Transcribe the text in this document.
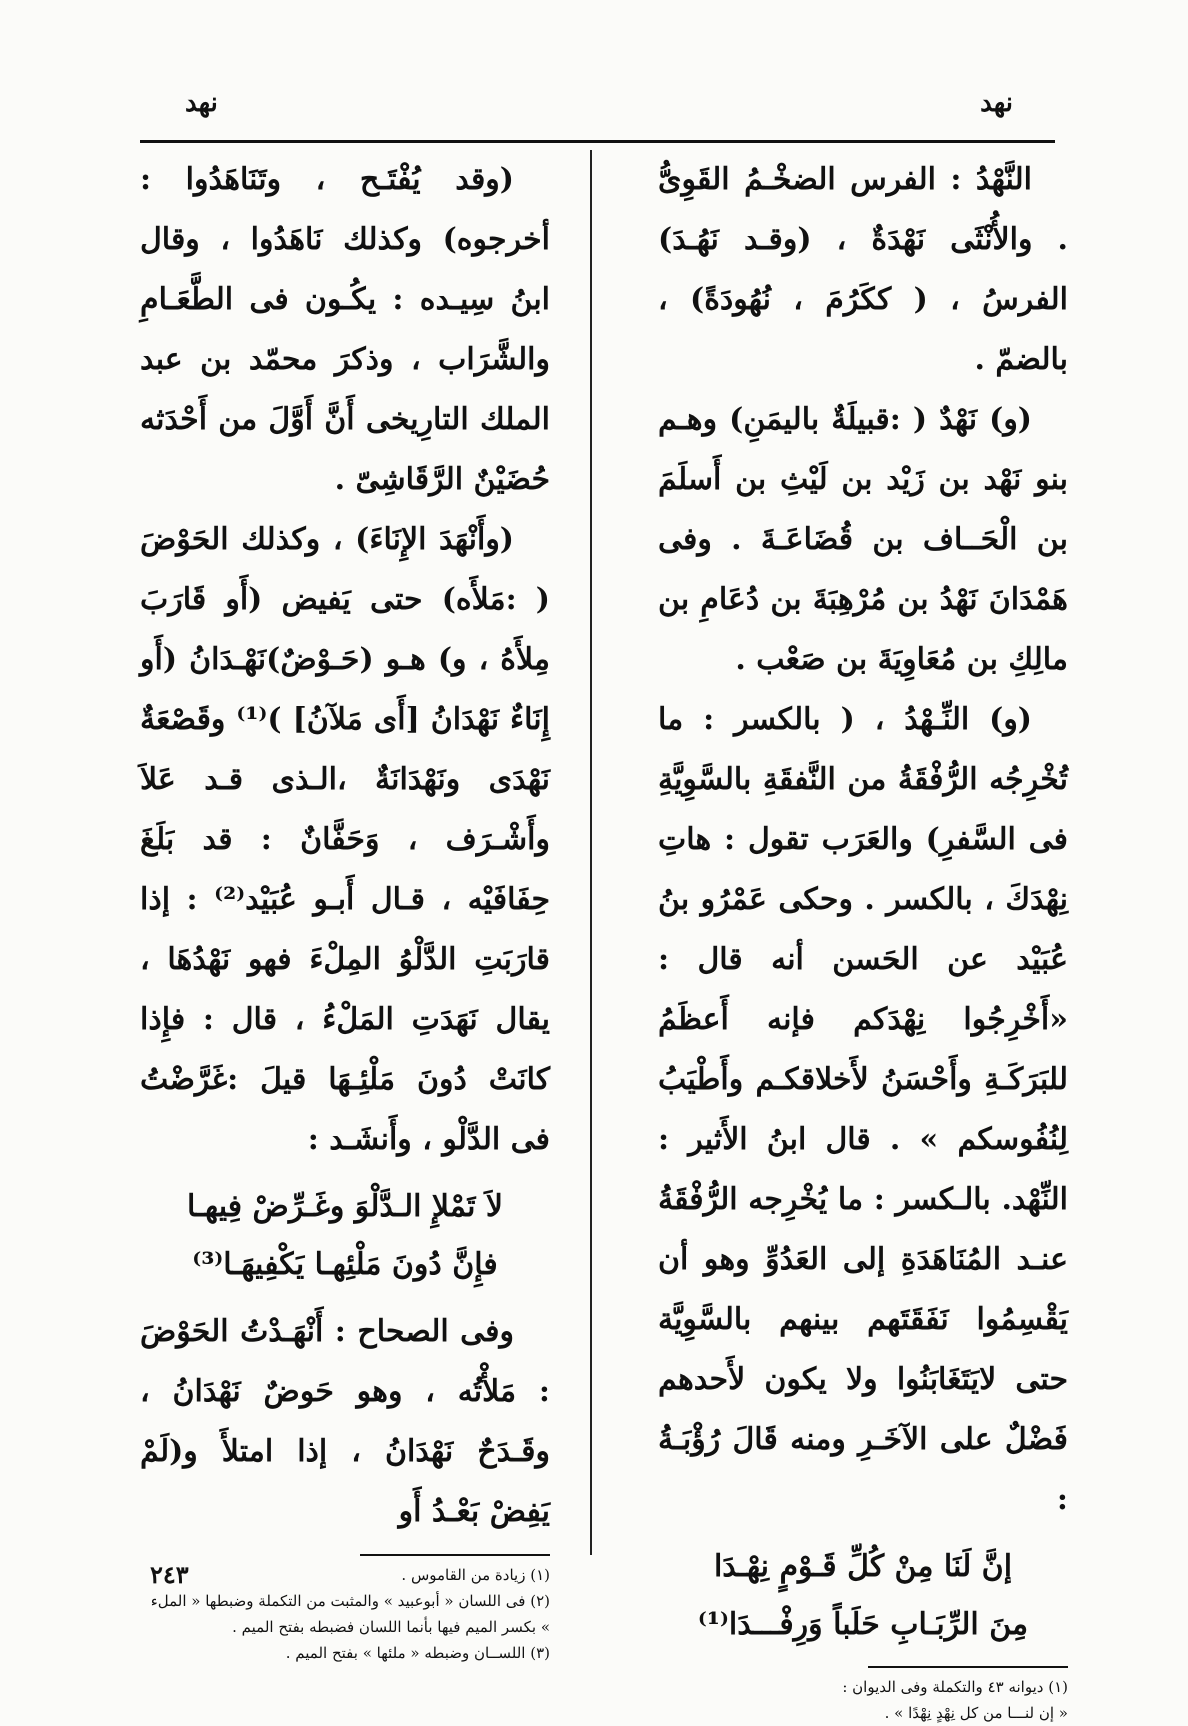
نهد
نهد

النَّهْدُ : الفرس الضخْـمُ القَوِىُّ . والأُنْثَى نَهْدَةٌ ، (وقـد نَهُـدَ) الفرسُ ، ( ككَرُمَ ، نُهُودَةً) ، بالضمّ .

(و) نَهْدٌ ( :قبيلَةٌ باليمَنِ) وهـم بنو نَهْد بن زَيْد بن لَيْثِ بن أَسلَمَ بن الْحَــاف بن قُضَاعَـةَ . وفى هَمْدَانَ نَهْدُ بن مُرْهِبَةَ بن دُعَامِ بن مالِكِ بن مُعَاوِيَةَ بن صَعْب .

(و) النِّـهْدُ ، ( بالكسر : ما تُخْرِجُه الرُّفْقَةُ من النَّفقَةِ بالسَّوِيَّةِ فى السَّفرِ) والعَرَب تقول : هاتِ نِهْدَكَ ، بالكسر . وحكى عَمْرُو بنُ عُبَيْد عن الحَسن أنه قال : «أَخْرِجُوا نِهْدَكم فإنه أَعظَمُ للبَرَكَـةِ وأَحْسَنُ لأَخلاقكـم وأَطْيَبُ لِنُفُوسكم » . قال ابنُ الأَثير : النِّهْد. بالـكسر : ما يُخْرِجه الرُّفْقَةُ عنـد المُنَاهَدَةِ إلى العَدُوِّ وهو أن يَقْسِمُوا نَفَقَتَهم بينهم بالسَّوِيَّة حتى لايَتَغَابَنُوا ولا يكون لأَحدهم فَضْلٌ على الآخَـرِ ومنه قَالَ رُؤْبَـةُ :

إنَّ لَنَا مِنْ كُلِّ قَـوْمٍ نِهْـدَا
مِنَ الرِّبَـابِ حَلَباً وَرِفْـــدَا⁽¹⁾
(١) ديوانه ٤٣ والتكملة وفى الديوان :
« إن لنـــا من كل نِهْدٍ نِهْدًا » .

(وقد يُفْتَـح ، وتَنَاهَدُوا : أخرجوه) وكذلك نَاهَدُوا ، وقال ابنُ سِيـده : يكُـون فى الطَّعَـامِ والشَّرَاب ، وذكرَ محمّد بن عبد الملك التارِيخى أَنَّ أَوَّلَ من أَحْدَثه حُضَيْنٌ الرَّقَاشِىّ .

(وأَنْهَدَ الإِنَاءَ) ، وكذلك الحَوْضَ ( :مَلأَه) حتى يَفيض (أَو قَارَبَ مِلأَهُ ، و) هـو (حَـوْضٌ)نَهْـدَانُ (أَو إِنَاءٌ نَهْدَانُ [أَى مَلآنُ] )⁽¹⁾ وقَصْعَةٌ نَهْدَى ونَهْدَانَةٌ ،الـذى قـد عَلاَ وأَشْـرَف ، وَحَفَّانٌ : قد بَلَغَ حِفَافَيْه ، قـال أَبـو عُبَيْد⁽²⁾ : إذا قارَبَتِ الدَّلْوُ المِلْءَ فهو نَهْدُهَا ، يقال نَهَدَتِ المَلْءُ ، قال : فإِذا كانَتْ دُونَ مَلْئِـهَا قيلَ :غَرَّضْتُ فى الدَّلْو ، وأَنشَـد :

لاَ تَمْلإِ الـدَّلْوَ وغَـرِّضْ فِيهـا
فإِنَّ دُونَ مَلْئِهـا يَكْفِيهَـا⁽³⁾

وفى الصحاح : أَنْهَـدْتُ الحَوْضَ : مَلأْتُه ، وهو حَوضٌ نَهْدَانُ ، وقَـدَحٌ نَهْدَانُ ، إذا امتلأَ و(لَمْ يَفِضْ بَعْـدُ أَو

(١) زيادة من القاموس .
(٢) فى اللسان « أبوعبيد » والمثبت من التكملة وضبطها « الملء » بكسر الميم فيها بأنما اللسان فضبطه بفتح الميم .
(٣) اللســان وضبطه « ملئها » بفتح الميم .
٢٤٣
